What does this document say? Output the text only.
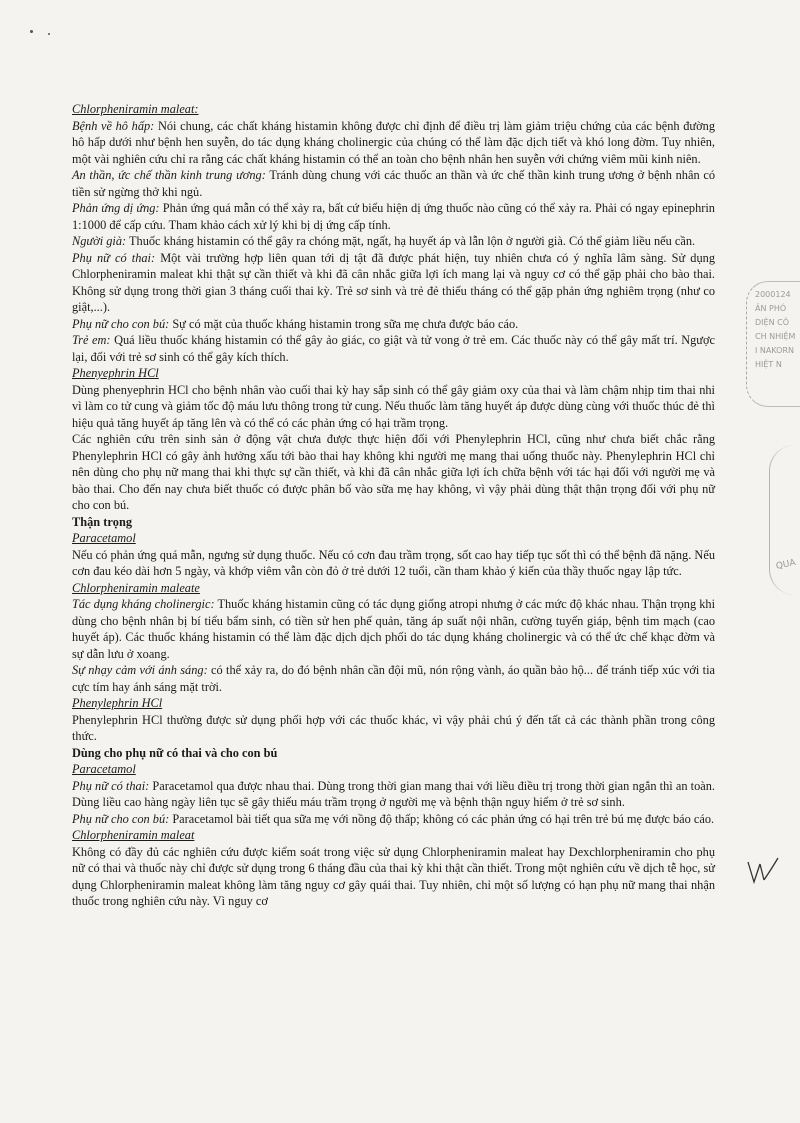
Chlorpheniramin maleat:

Bệnh về hô hấp: Nói chung, các chất kháng histamin không được chỉ định để điều trị làm giảm triệu chứng của các bệnh đường hô hấp dưới như bệnh hen suyễn, do tác dụng kháng cholinergic của chúng có thể làm đặc dịch tiết và khó long đờm. Tuy nhiên, một vài nghiên cứu chỉ ra rằng các chất kháng histamin có thể an toàn cho bệnh nhân hen suyễn với chứng viêm mũi kinh niên.

An thần, ức chế thần kinh trung ương: Tránh dùng chung với các thuốc an thần và ức chế thần kinh trung ương ở bệnh nhân có tiền sử ngừng thở khi ngủ.

Phản ứng dị ứng: Phản ứng quá mẫn có thể xảy ra, bất cứ biểu hiện dị ứng thuốc nào cũng có thể xảy ra. Phải có ngay epinephrin 1:1000 để cấp cứu. Tham khảo cách xử lý khi bị dị ứng cấp tính.

Người già: Thuốc kháng histamin có thể gây ra chóng mặt, ngất, hạ huyết áp và lẫn lộn ở người già. Có thể giảm liều nếu cần.

Phụ nữ có thai: Một vài trường hợp liên quan tới dị tật đã được phát hiện, tuy nhiên chưa có ý nghĩa lâm sàng. Sử dụng Chlorpheniramin maleat khi thật sự cần thiết và khi đã cân nhắc giữa lợi ích mang lại và nguy cơ có thể gặp phải cho bào thai. Không sử dụng trong thời gian 3 tháng cuối thai kỳ. Trẻ sơ sinh và trẻ đẻ thiếu tháng có thể gặp phản ứng nghiêm trọng (như co giật,...).

Phụ nữ cho con bú: Sự có mặt của thuốc kháng histamin trong sữa mẹ chưa được báo cáo.

Trẻ em: Quá liều thuốc kháng histamin có thể gây ảo giác, co giật và tử vong ở trẻ em. Các thuốc này có thể gây mất trí. Ngược lại, đối với trẻ sơ sinh có thể gây kích thích.

Phenyephrin HCl

Dùng phenyephrin HCl cho bệnh nhân vào cuối thai kỳ hay sắp sinh có thể gây giảm oxy của thai và làm chậm nhịp tim thai nhi vì làm co tử cung và giảm tốc độ máu lưu thông trong tử cung. Nếu thuốc làm tăng huyết áp được dùng cùng với thuốc thúc đẻ thì hiệu quả tăng huyết áp tăng lên và có thể có các phản ứng có hại trầm trọng.

Các nghiên cứu trên sinh sản ở động vật chưa được thực hiện đối với Phenylephrin HCl, cũng như chưa biết chắc rằng Phenylephrin HCl có gây ảnh hưởng xấu tới bào thai hay không khi người mẹ mang thai uống thuốc này. Phenylephrin HCl chỉ nên dùng cho phụ nữ mang thai khi thực sự cần thiết, và khi đã cân nhắc giữa lợi ích chữa bệnh với tác hại đối với người mẹ và bào thai. Cho đến nay chưa biết thuốc có được phân bố vào sữa mẹ hay không, vì vậy phải dùng thật thận trọng đối với phụ nữ cho con bú.

Thận trọng
Paracetamol

Nếu có phản ứng quá mẫn, ngưng sử dụng thuốc. Nếu có cơn đau trầm trọng, sốt cao hay tiếp tục sốt thì có thể bệnh đã nặng. Nếu cơn đau kéo dài hơn 5 ngày, và khớp viêm vẫn còn đỏ ở trẻ dưới 12 tuổi, cần tham khảo ý kiến của thầy thuốc ngay lập tức.

Chlorpheniramin maleate

Tác dụng kháng cholinergic: Thuốc kháng histamin cũng có tác dụng giống atropi nhưng ở các mức độ khác nhau. Thận trọng khi dùng cho bệnh nhân bị bí tiểu bẩm sinh, có tiền sử hen phế quản, tăng áp suất nội nhãn, cường tuyến giáp, bệnh tim mạch (cao huyết áp). Các thuốc kháng histamin có thể làm đặc dịch dịch phối do tác dụng kháng cholinergic và có thể ức chế khạc đờm và sự dẫn lưu ở xoang.

Sự nhạy cảm với ánh sáng: có thể xảy ra, do đó bệnh nhân cần đội mũ, nón rộng vành, áo quần bảo hộ... để tránh tiếp xúc với tia cực tím hay ánh sáng mặt trời.

Phenylephrin HCl

Phenylephrin HCl thường được sử dụng phối hợp với các thuốc khác, vì vậy phải chú ý đến tất cả các thành phần trong công thức.

Dùng cho phụ nữ có thai và cho con bú
Paracetamol

Phụ nữ có thai: Paracetamol qua được nhau thai. Dùng trong thời gian mang thai với liều điều trị trong thời gian ngắn thì an toàn. Dùng liều cao hàng ngày liên tục sẽ gây thiếu máu trầm trọng ở người mẹ và bệnh thận nguy hiểm ở trẻ sơ sinh.

Phụ nữ cho con bú: Paracetamol bài tiết qua sữa mẹ với nồng độ thấp; không có các phản ứng có hại trên trẻ bú mẹ được báo cáo.

Chlorpheniramin maleat

Không có đầy đủ các nghiên cứu được kiểm soát trong việc sử dụng Chlorpheniramin maleat hay Dexchlorpheniramin cho phụ nữ có thai và thuốc này chỉ được sử dụng trong 6 tháng đầu của thai kỳ khi thật cần thiết. Trong một nghiên cứu về dịch tễ học, sử dụng Chlorpheniramin maleat không làm tăng nguy cơ gây quái thai. Tuy nhiên, chỉ một số lượng có hạn phụ nữ mang thai nhận thuốc trong nghiên cứu này. Vì nguy cơ

2000124
ẢN PHÓ
DIỆN CÔ
CH NHIỆM
I NAKORN
HIỆT N
QUA
